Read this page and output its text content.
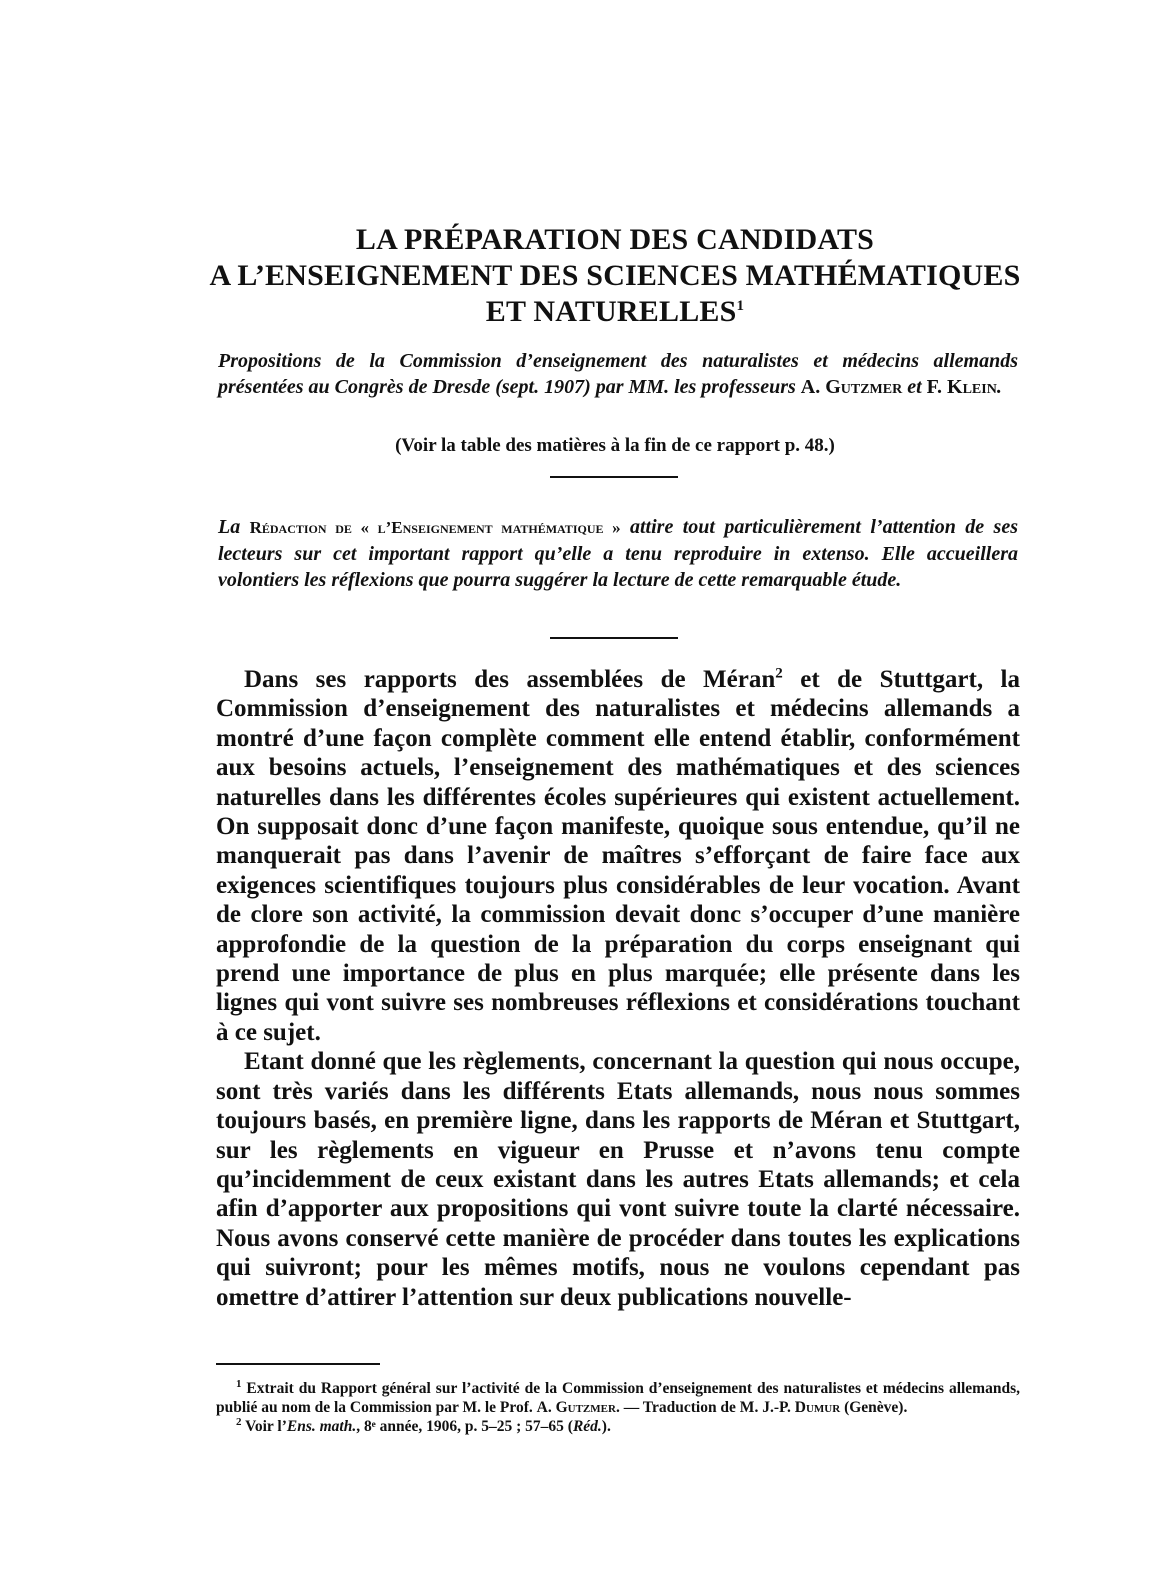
LA PRÉPARATION DES CANDIDATS
A L’ENSEIGNEMENT DES SCIENCES MATHÉMATIQUES
ET NATURELLES$^1$
Propositions de la Commission d’enseignement des naturalistes et médecins allemands présentées au Congrès de Dresde (sept. 1907) par MM. les professeurs A. Gutzmer et F. Klein.
(Voir la table des matières à la fin de ce rapport p. 48.)
La Rédaction de « l’Enseignement mathématique » attire tout particulièrement l’attention de ses lecteurs sur cet important rapport qu’elle a tenu reproduire in extenso. Elle accueillera volontiers les réflexions que pourra suggérer la lecture de cette remarquable étude.

Dans ses rapports des assemblées de Méran$^2$ et de Stuttgart, la Commission d’enseignement des naturalistes et médecins allemands a montré d’une façon complète comment elle entend établir, conformément aux besoins actuels, l’enseignement des mathématiques et des sciences naturelles dans les différentes écoles supérieures qui existent actuellement. On supposait donc d’une façon manifeste, quoique sous entendue, qu’il ne manquerait pas dans l’avenir de maîtres s’efforçant de faire face aux exigences scientifiques toujours plus considérables de leur vocation. Avant de clore son activité, la commission devait donc s’occuper d’une manière approfondie de la question de la préparation du corps enseignant qui prend une importance de plus en plus marquée; elle présente dans les lignes qui vont suivre ses nombreuses réflexions et considérations touchant à ce sujet.

Etant donné que les règlements, concernant la question qui nous occupe, sont très variés dans les différents Etats allemands, nous nous sommes toujours basés, en première ligne, dans les rapports de Méran et Stuttgart, sur les règlements en vigueur en Prusse et n’avons tenu compte qu’incidemment de ceux existant dans les autres Etats allemands; et cela afin d’apporter aux propositions qui vont suivre toute la clarté nécessaire. Nous avons conservé cette manière de procéder dans toutes les explications qui suivront; pour les mêmes motifs, nous ne voulons cependant pas omettre d’attirer l’attention sur deux publications nouvelle-

$^1$ Extrait du Rapport général sur l’activité de la Commission d’enseignement des naturalistes et médecins allemands, publié au nom de la Commission par M. le Prof. A. Gutzmer. — Traduction de M. J.-P. Dumur (Genève).

$^2$ Voir l’Ens. math., 8ᵉ année, 1906, p. 5–25 ; 57–65 (Réd.).
